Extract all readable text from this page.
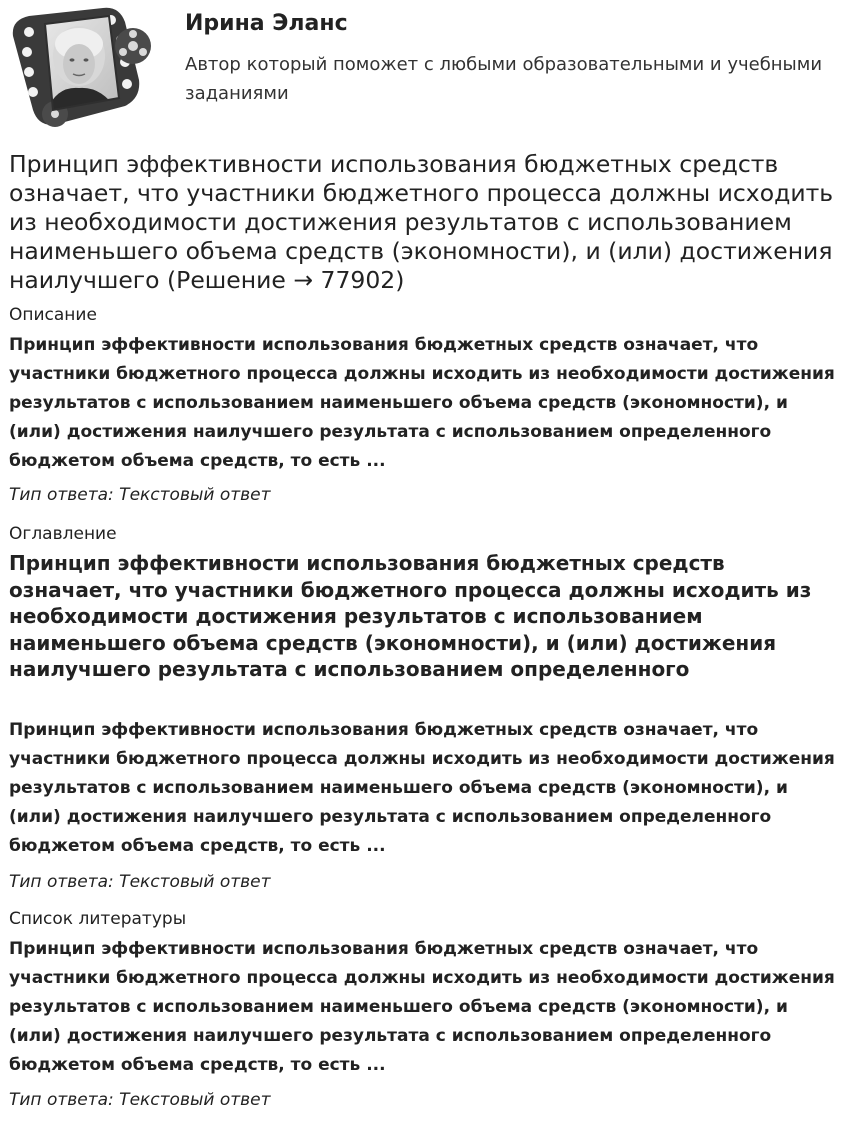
Ирина Эланс
Автор который поможет с любыми образовательными и учебными заданиями
Принцип эффективности использования бюджетных средств означает, что участники бюджетного процесса должны исходить из необходимости достижения результатов с использованием наименьшего объема средств (экономности), и (или) достижения наилучшего (Решение → 77902)
Описание

Принцип эффективности использования бюджетных средств означает, что участники бюджетного процесса должны исходить из необходимости достижения результатов с использованием наименьшего объема средств (экономности), и (или) достижения наилучшего результата с использованием определенного бюджетом объема средств, то есть ...

Тип ответа: Текстовый ответ
Оглавление
Принцип эффективности использования бюджетных средств означает, что участники бюджетного процесса должны исходить из необходимости достижения результатов с использованием наименьшего объема средств (экономности), и (или) достижения наилучшего результата с использованием определенного

Принцип эффективности использования бюджетных средств означает, что участники бюджетного процесса должны исходить из необходимости достижения результатов с использованием наименьшего объема средств (экономности), и (или) достижения наилучшего результата с использованием определенного бюджетом объема средств, то есть ...

Тип ответа: Текстовый ответ
Список литературы

Принцип эффективности использования бюджетных средств означает, что участники бюджетного процесса должны исходить из необходимости достижения результатов с использованием наименьшего объема средств (экономности), и (или) достижения наилучшего результата с использованием определенного бюджетом объема средств, то есть ...

Тип ответа: Текстовый ответ
